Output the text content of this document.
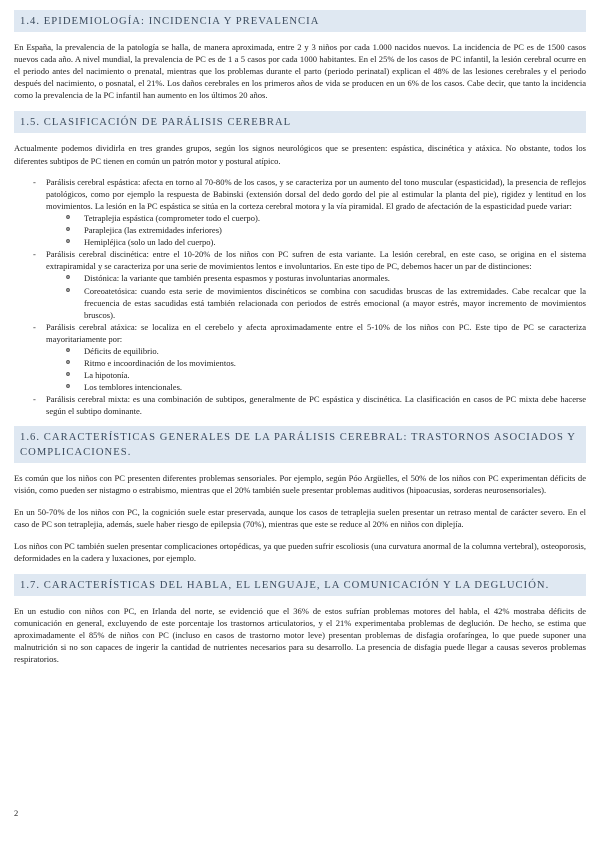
1.4. EPIDEMIOLOGÍA: INCIDENCIA Y PREVALENCIA

En España, la prevalencia de la patología se halla, de manera aproximada, entre 2 y 3 niños por cada 1.000 nacidos nuevos. La incidencia de PC es de 1500 casos nuevos cada año. A nivel mundial, la prevalencia de PC es de 1 a 5 casos por cada 1000 habitantes. En el 25% de los casos de PC infantil, la lesión cerebral ocurre en el periodo antes del nacimiento o prenatal, mientras que los problemas durante el parto (periodo perinatal) explican el 48% de las lesiones cerebrales y el periodo después del nacimiento, o posnatal, el 21%. Los daños cerebrales en los primeros años de vida se producen en un 6% de los casos. Cabe decir, que tanto la incidencia como la prevalencia de la PC infantil han aumento en los últimos 20 años.

1.5. CLASIFICACIÓN DE PARÁLISIS CEREBRAL

Actualmente podemos dividirla en tres grandes grupos, según los signos neurológicos que se presenten: espástica, discinética y atáxica. No obstante, todos los diferentes subtipos de PC tienen en común un patrón motor y postural atípico.

- Parálisis cerebral espástica: afecta en torno al 70-80% de los casos, y se caracteriza por un aumento del tono muscular (espasticidad), la presencia de reflejos patológicos, como por ejemplo la respuesta de Babinski (extensión dorsal del dedo gordo del pie al estimular la planta del pie), rigidez y lentitud en los movimientos. La lesión en la PC espástica se sitúa en la corteza cerebral motora y la vía piramidal. El grado de afectación de la espasticidad puede variar:
o Tetraplejia espástica (comprometer todo el cuerpo).
o Paraplejica (las extremidades inferiores)
o Hemipléjica (solo un lado del cuerpo).
- Parálisis cerebral discinética: entre el 10-20% de los niños con PC sufren de esta variante. La lesión cerebral, en este caso, se origina en el sistema extrapiramidal y se caracteriza por una serie de movimientos lentos e involuntarios. En este tipo de PC, debemos hacer un par de distinciones:
o Distónica: la variante que también presenta espasmos y posturas involuntarias anormales.
o Coreoatetósica: cuando esta serie de movimientos discinéticos se combina con sacudidas bruscas de las extremidades. Cabe recalcar que la frecuencia de estas sacudidas está también relacionada con periodos de estrés emocional (a mayor estrés, mayor incremento de movimientos bruscos).
- Parálisis cerebral atáxica: se localiza en el cerebelo y afecta aproximadamente entre el 5-10% de los niños con PC. Este tipo de PC se caracteriza mayoritariamente por:
o Déficits de equilibrio.
o Ritmo e incoordinación de los movimientos.
o La hipotonía.
o Los temblores intencionales.
- Parálisis cerebral mixta: es una combinación de subtipos, generalmente de PC espástica y discinética. La clasificación en casos de PC mixta debe hacerse según el subtipo dominante.
1.6. CARACTERÍSTICAS GENERALES DE LA PARÁLISIS CEREBRAL: TRASTORNOS ASOCIADOS Y COMPLICACIONES.

Es común que los niños con PC presenten diferentes problemas sensoriales. Por ejemplo, según Póo Argüelles, el 50% de los niños con PC experimentan déficits de visión, como pueden ser nistagmo o estrabismo, mientras que el 20% también suele presentar problemas auditivos (hipoacusias, sorderas neurosensoriales).

En un 50-70% de los niños con PC, la cognición suele estar preservada, aunque los casos de tetraplejia suelen presentar un retraso mental de carácter severo. En el caso de PC son tetraplejia, además, suele haber riesgo de epilepsia (70%), mientras que este se reduce al 20% en niños con diplejía.

Los niños con PC también suelen presentar complicaciones ortopédicas, ya que pueden sufrir escoliosis (una curvatura anormal de la columna vertebral), osteoporosis, deformidades en la cadera y luxaciones, por ejemplo.

1.7. CARACTERÍSTICAS DEL HABLA, EL LENGUAJE, LA COMUNICACIÓN Y LA DEGLUCIÓN.

En un estudio con niños con PC, en Irlanda del norte, se evidenció que el 36% de estos sufrían problemas motores del habla, el 42% mostraba déficits de comunicación en general, excluyendo de este porcentaje los trastornos articulatorios, y el 21% experimentaba problemas de deglución. De hecho, se estima que aproximadamente el 85% de niños con PC (incluso en casos de trastorno motor leve) presentan problemas de disfagia orofaríngea, lo que puede suponer una malnutrición si no son capaces de ingerir la cantidad de nutrientes necesarios para su desarrollo. La presencia de disfagia puede llegar a causas severos problemas respiratorios.

2
